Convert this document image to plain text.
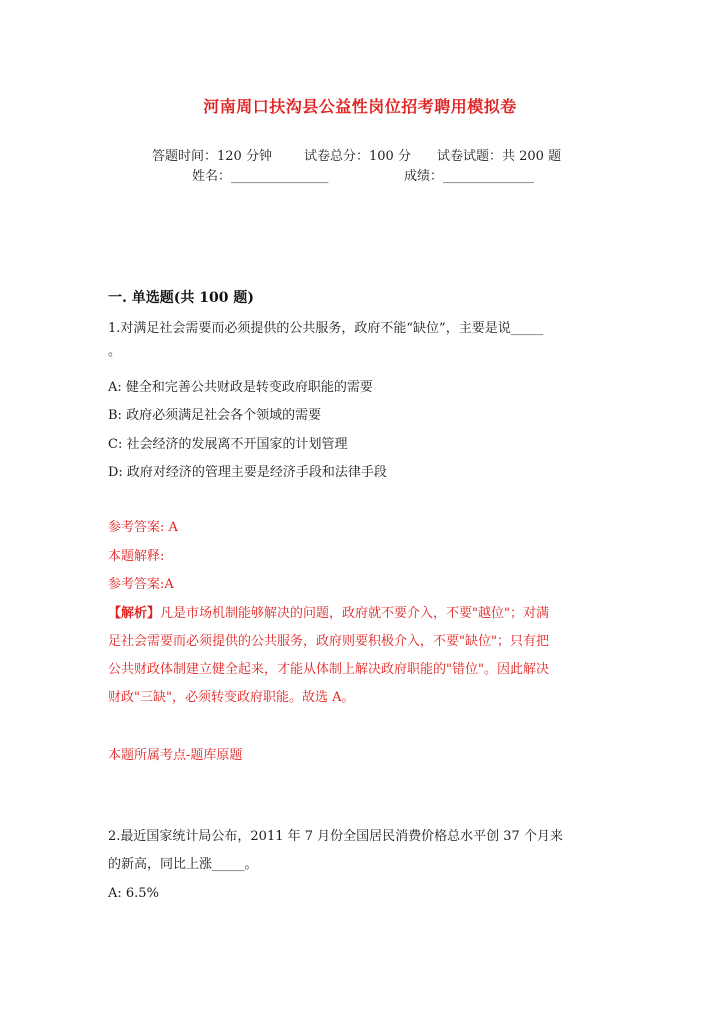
河南周口扶沟县公益性岗位招考聘用模拟卷
答题时间：120 分钟 试卷总分：100 分 试卷试题：共 200 题
姓名：_______________	成绩：______________
一. 单选题(共 100 题)
1.对满足社会需要而必须提供的公共服务，政府不能“缺位”，主要是说_____
。
A: 健全和完善公共财政是转变政府职能的需要
B: 政府必须满足社会各个领域的需要
C: 社会经济的发展离不开国家的计划管理
D: 政府对经济的管理主要是经济手段和法律手段
参考答案: A
本题解释:
参考答案:A

【解析】凡是市场机制能够解决的问题，政府就不要介入，不要"越位"；对满

足社会需要而必须提供的公共服务，政府则要积极介入，不要"缺位"；只有把

公共财政体制建立健全起来，才能从体制上解决政府职能的"错位"。因此解决

财政"三缺"，必须转变政府职能。故选 A。

本题所属考点-题库原题
2.最近国家统计局公布，2011 年 7 月份全国居民消费价格总水平创 37 个月来
的新高，同比上涨_____。
A: 6.5%
